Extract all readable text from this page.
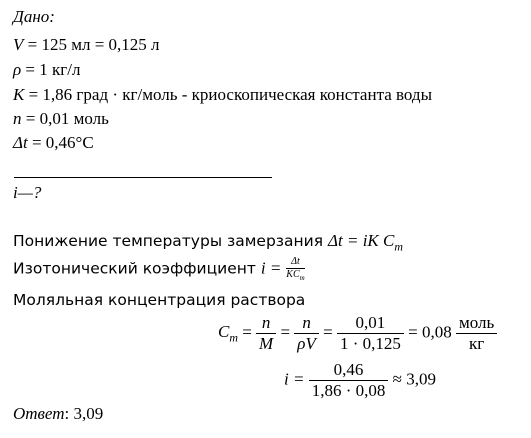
Дано:
V = 125 мл = 0,125 л
ρ = 1 кг/л
K = 1,86 град · кг/моль - криоскопическая константа воды
n = 0,01 моль
Δt = 0,46°C
i—?
Понижение температуры замерзания Δt = iK $C_m$
Изотонический коэффициент $i = \frac{\Delta t}{KC_m}$
Моляльная концентрация раствора
$C_m = \frac{n}{M} = \frac{n}{\rho V} = \frac{0,01}{1 \cdot 0,125} = 0,08 \frac{\text{моль}}{кг}$
$i = \frac{0,46}{1,86 \cdot 0,08} \approx 3,09$
Ответ: 3,09
